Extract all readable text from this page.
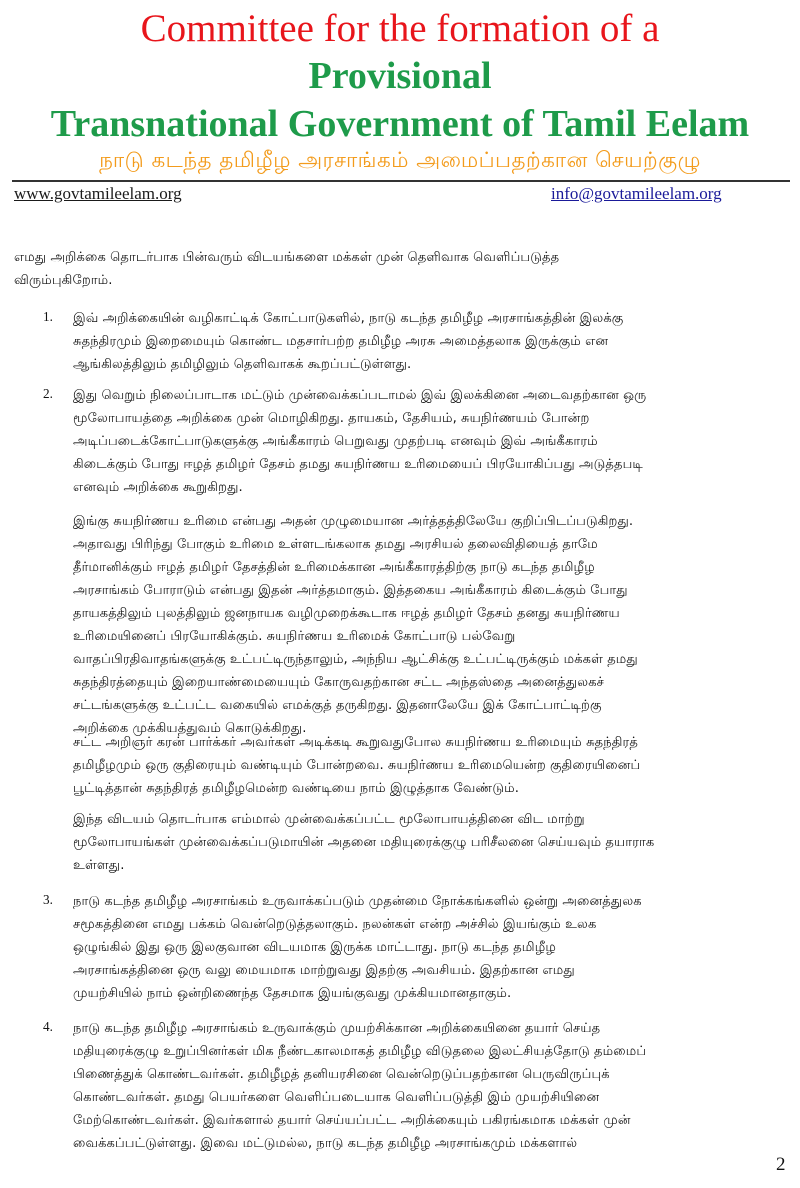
Committee for the formation of a
Provisional
Transnational Government of Tamil Eelam
நாடு கடந்த தமிழீழ அரசாங்கம் அமைப்பதற்கான செயற்குழு
www.govtamileelam.org	info@govtamileelam.org
எமது அறிக்கை தொடர்பாக பின்வரும் விடயங்களை மக்கள் முன் தெளிவாக வெளிப்படுத்த
விரும்புகிறோம்.
1. இவ் அறிக்கையின் வழிகாட்டிக் கோட்பாடுகளில், நாடு கடந்த தமிழீழ அரசாங்கத்தின் இலக்கு
சுதந்திரமும் இறைமையும் கொண்ட மதசார்பற்ற தமிழீழ அரசு அமைத்தலாக இருக்கும் என
ஆங்கிலத்திலும் தமிழிலும் தெளிவாகக் கூறப்பட்டுள்ளது.
2. இது வெறும் நிலைப்பாடாக மட்டும் முன்வைக்கப்படாமல் இவ் இலக்கினை அடைவதற்கான ஒரு
மூலோபாயத்தை அறிக்கை முன் மொழிகிறது. தாயகம், தேசியம், சுயநிர்ணயம் போன்ற
அடிப்படைக்கோட்பாடுகளுக்கு அங்கீகாரம் பெறுவது முதற்படி எனவும் இவ் அங்கீகாரம்
கிடைக்கும் போது ஈழத் தமிழர் தேசம் தமது சுயநிர்ணய உரிமையைப் பிரயோகிப்பது அடுத்தபடி
எனவும் அறிக்கை கூறுகிறது.
இங்கு சுயநிர்ணய உரிமை என்பது அதன் முழுமையான அர்த்தத்திலேயே குறிப்பிடப்படுகிறது.
அதாவது பிரிந்து போகும் உரிமை உள்ளடங்கலாக தமது அரசியல் தலைவிதியைத் தாமே
தீர்மானிக்கும் ஈழத் தமிழர் தேசத்தின் உரிமைக்கான அங்கீகாரத்திற்கு நாடு கடந்த தமிழீழ
அரசாங்கம் போராடும் என்பது இதன் அர்த்தமாகும். இத்தகைய அங்கீகாரம் கிடைக்கும் போது
தாயகத்திலும் புலத்திலும் ஜனநாயக வழிமுறைக்கூடாக ஈழத் தமிழர் தேசம் தனது சுயநிர்ணய
உரிமையினைப் பிரயோகிக்கும். சுயநிர்ணய உரிமைக் கோட்பாடு பல்வேறு
வாதப்பிரதிவாதங்களுக்கு உட்பட்டிருந்தாலும், அந்நிய ஆட்சிக்கு உட்பட்டிருக்கும் மக்கள் தமது
சுதந்திரத்தையும் இறையாண்மையையும் கோருவதற்கான சட்ட அந்தஸ்தை அனைத்துலகச்
சட்டங்களுக்கு உட்பட்ட வகையில் எமக்குத் தருகிறது. இதனாலேயே இக் கோட்பாட்டிற்கு
அறிக்கை முக்கியத்துவம் கொடுக்கிறது.
சட்ட அறிஞர் கரன் பார்க்கர் அவர்கள் அடிக்கடி கூறுவதுபோல சுயநிர்ணய உரிமையும் சுதந்திரத்
தமிழீழமும் ஒரு குதிரையும் வண்டியும் போன்றவை. சுயநிர்ணய உரிமையென்ற குதிரையினைப்
பூட்டித்தான் சுதந்திரத் தமிழீழமென்ற வண்டியை நாம் இழுத்தாக வேண்டும்.
இந்த விடயம் தொடர்பாக எம்மால் முன்வைக்கப்பட்ட மூலோபாயத்தினை விட மாற்று
மூலோபாயங்கள் முன்வைக்கப்படுமாயின் அதனை மதியுரைக்குழு பரிசீலனை செய்யவும் தயாராக
உள்ளது.
3. நாடு கடந்த தமிழீழ அரசாங்கம் உருவாக்கப்படும் முதன்மை நோக்கங்களில் ஒன்று அனைத்துலக
சமூகத்தினை எமது பக்கம் வென்றெடுத்தலாகும். நலன்கள் என்ற அச்சில் இயங்கும் உலக
ஒழுங்கில் இது ஒரு இலகுவான விடயமாக இருக்க மாட்டாது. நாடு கடந்த தமிழீழ
அரசாங்கத்தினை ஒரு வலு மையமாக மாற்றுவது இதற்கு அவசியம். இதற்கான எமது
முயற்சியில் நாம் ஒன்றிணைந்த தேசமாக இயங்குவது முக்கியமானதாகும்.
4. நாடு கடந்த தமிழீழ அரசாங்கம் உருவாக்கும் முயற்சிக்கான அறிக்கையினை தயார் செய்த
மதியுரைக்குழு உறுப்பினர்கள் மிக நீண்டகாலமாகத் தமிழீழ விடுதலை இலட்சியத்தோடு தம்மைப்
பிணைத்துக் கொண்டவர்கள். தமிழீழத் தனியரசினை வென்றெடுப்பதற்கான பெருவிருப்புக்
கொண்டவர்கள். தமது பெயர்களை வெளிப்படையாக வெளிப்படுத்தி இம் முயற்சியினை
மேற்கொண்டவர்கள். இவர்களால் தயார் செய்யப்பட்ட அறிக்கையும் பகிரங்கமாக மக்கள் முன்
வைக்கப்பட்டுள்ளது. இவை மட்டுமல்ல, நாடு கடந்த தமிழீழ அரசாங்கமும் மக்களால்
2
